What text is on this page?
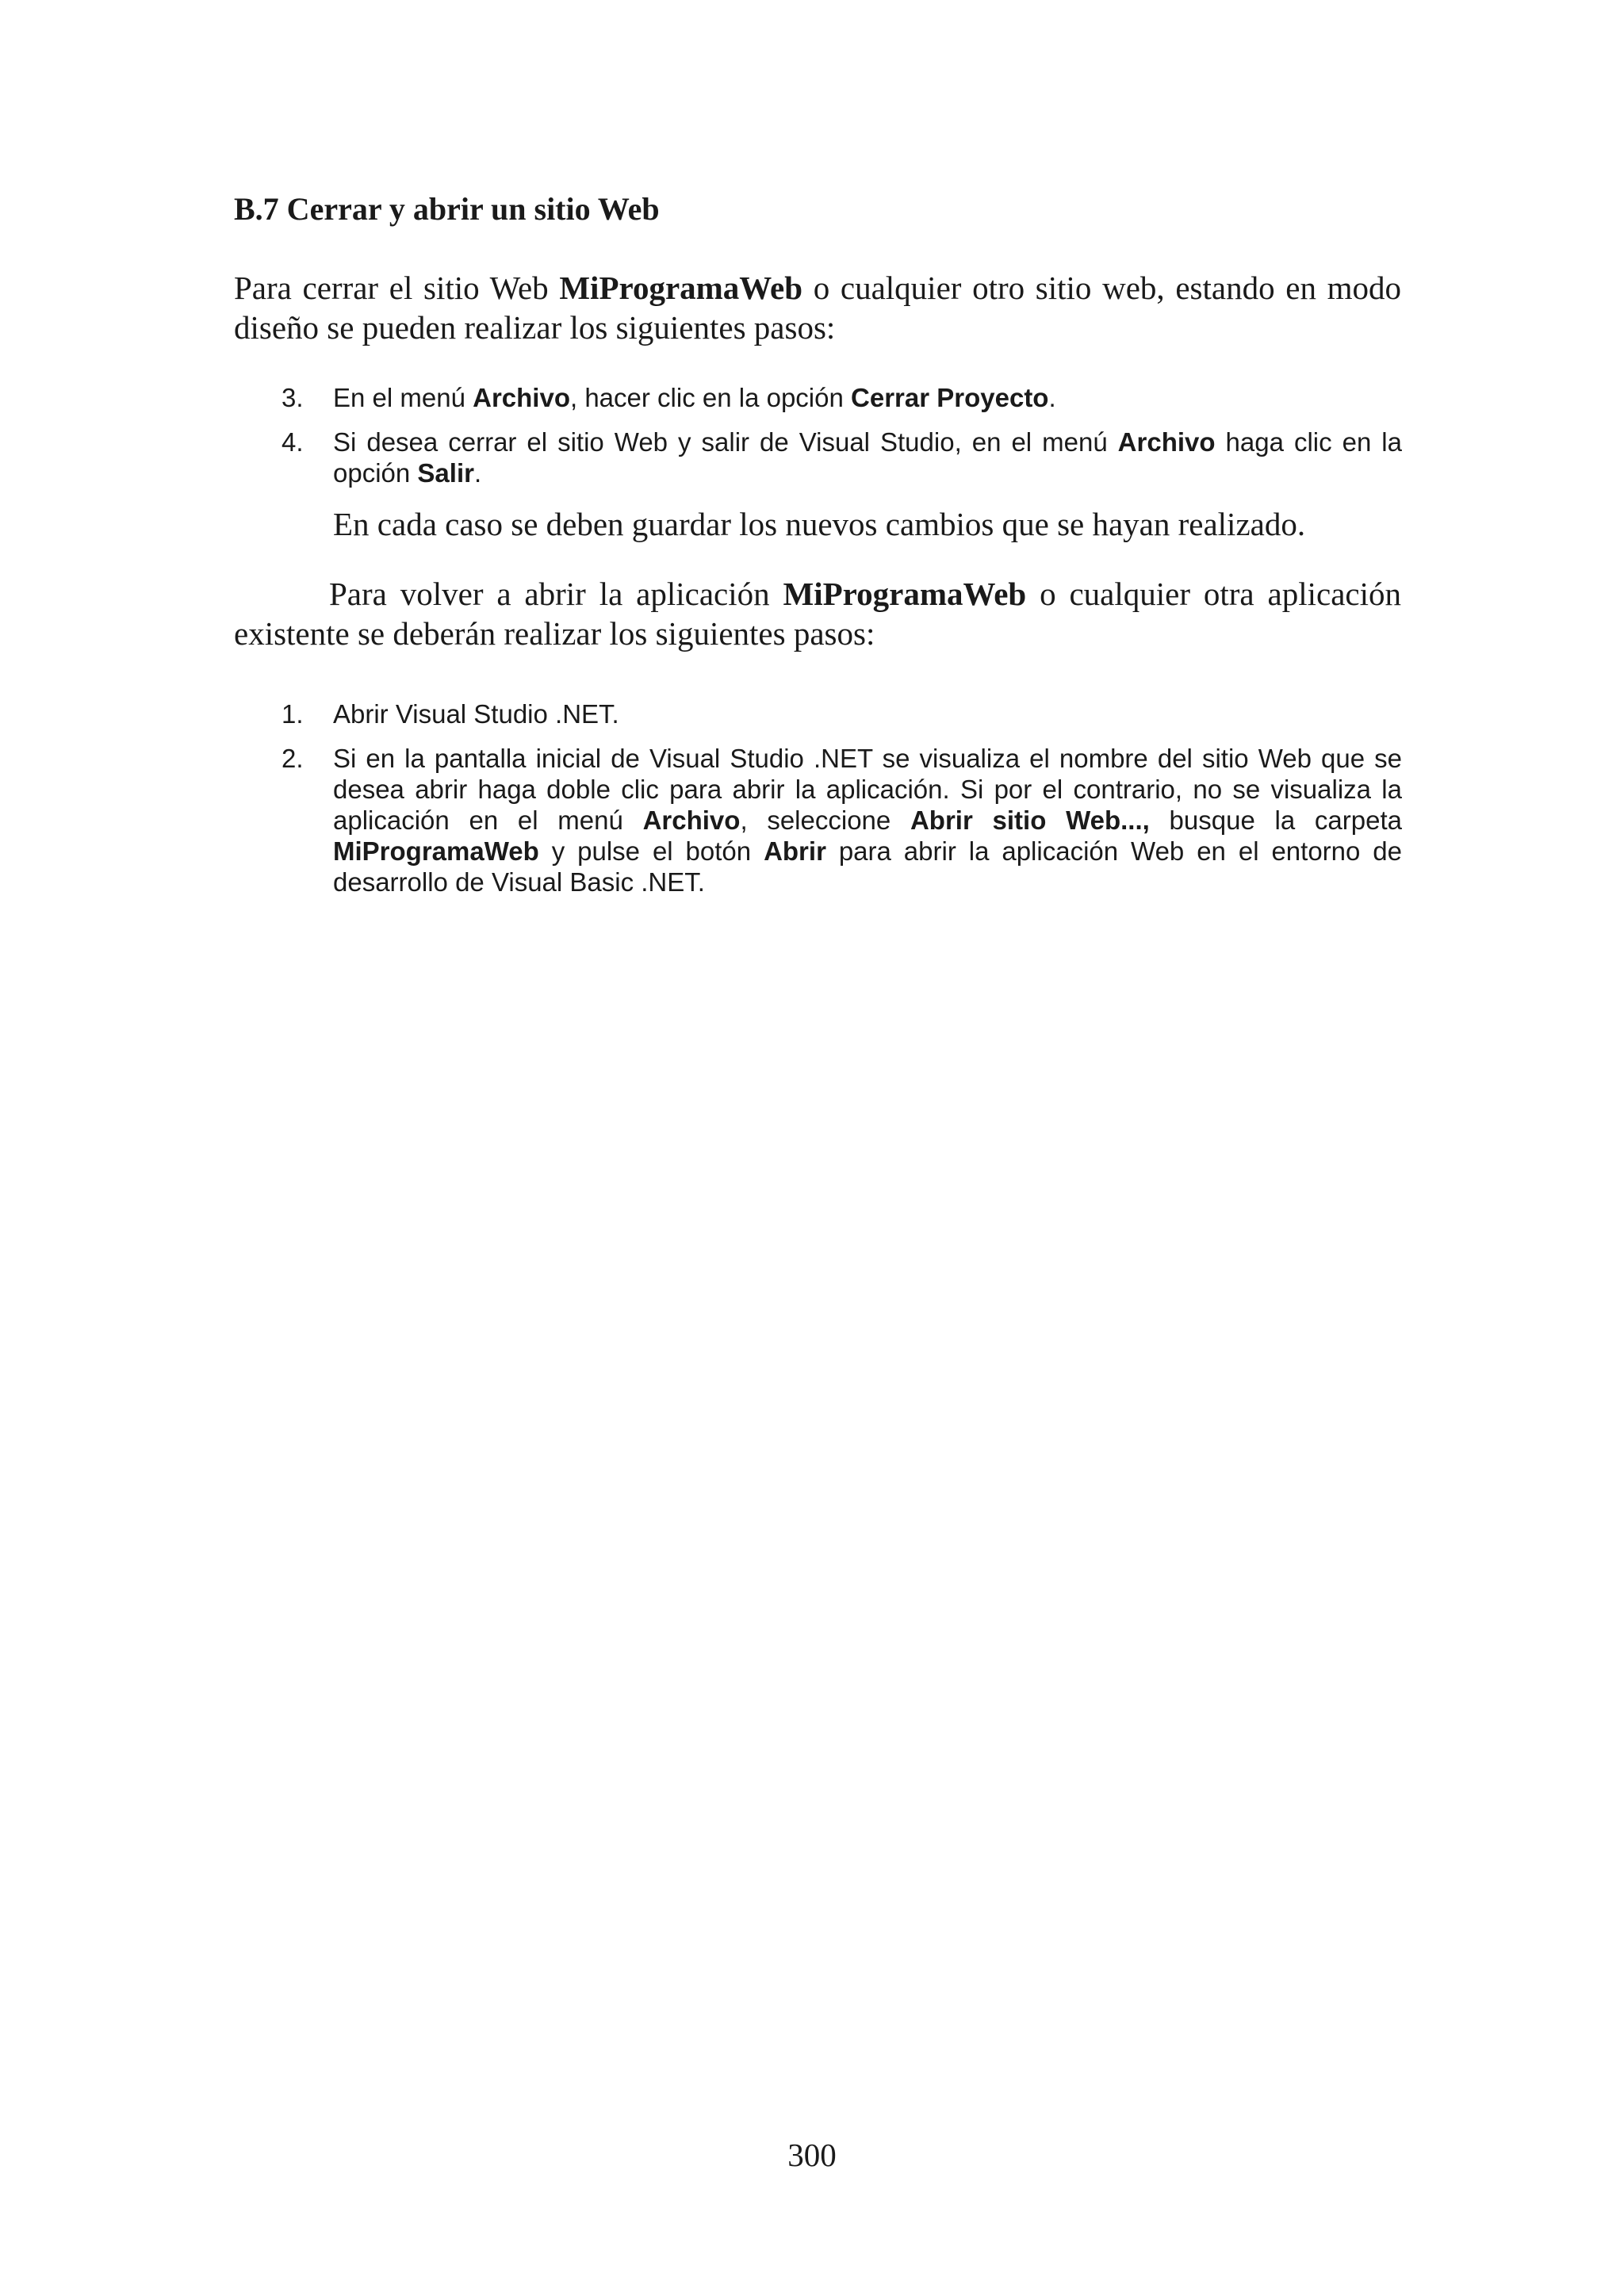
B.7 Cerrar y abrir un sitio Web

Para cerrar el sitio Web MiProgramaWeb o cualquier otro sitio web, estando en modo diseño se pueden realizar los siguientes pasos:

3. En el menú Archivo, hacer clic en la opción Cerrar Proyecto.
4. Si desea cerrar el sitio Web y salir de Visual Studio, en el menú Archivo haga clic en la opción Salir.

En cada caso se deben guardar los nuevos cambios que se hayan realizado.

Para volver a abrir la aplicación MiProgramaWeb o cualquier otra aplicación existente se deberán realizar los siguientes pasos:

1. Abrir Visual Studio .NET.
2. Si en la pantalla inicial de Visual Studio .NET se visualiza el nombre del sitio Web que se desea abrir haga doble clic para abrir la aplicación. Si por el contrario, no se visualiza la aplicación en el menú Archivo, seleccione Abrir sitio Web..., busque la carpeta MiProgramaWeb y pulse el botón Abrir para abrir la aplicación Web en el entorno de desarrollo de Visual Basic .NET.

300
